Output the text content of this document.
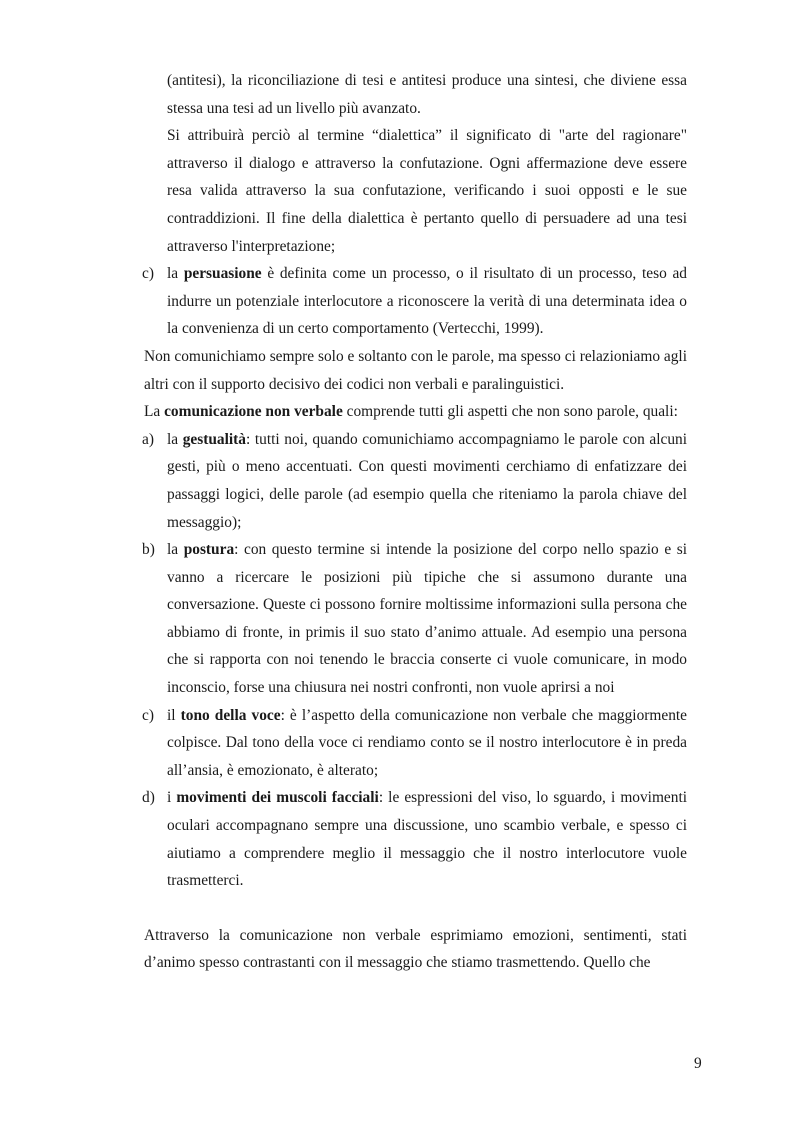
(antitesi), la riconciliazione di tesi e antitesi produce una sintesi, che diviene essa stessa una tesi ad un livello più avanzato.

Si attribuirà perciò al termine “dialettica” il significato di "arte del ragionare" attraverso il dialogo e attraverso la confutazione. Ogni affermazione deve essere resa valida attraverso la sua confutazione, verificando i suoi opposti e le sue contraddizioni. Il fine della dialettica è pertanto quello di persuadere ad una tesi attraverso l'interpretazione;

c) la persuasione è definita come un processo, o il risultato di un processo, teso ad indurre un potenziale interlocutore a riconoscere la verità di una determinata idea o la convenienza di un certo comportamento (Vertecchi, 1999).

Non comunichiamo sempre solo e soltanto con le parole, ma spesso ci relazioniamo agli altri con il supporto decisivo dei codici non verbali e paralinguistici.

La comunicazione non verbale comprende tutti gli aspetti che non sono parole, quali:

a) la gestualità: tutti noi, quando comunichiamo accompagniamo le parole con alcuni gesti, più o meno accentuati. Con questi movimenti cerchiamo di enfatizzare dei passaggi logici, delle parole (ad esempio quella che riteniamo la parola chiave del messaggio);

b) la postura: con questo termine si intende la posizione del corpo nello spazio e si vanno a ricercare le posizioni più tipiche che si assumono durante una conversazione. Queste ci possono fornire moltissime informazioni sulla persona che abbiamo di fronte, in primis il suo stato d’animo attuale. Ad esempio una persona che si rapporta con noi tenendo le braccia conserte ci vuole comunicare, in modo inconscio, forse una chiusura nei nostri confronti, non vuole aprirsi a noi

c) il tono della voce: è l’aspetto della comunicazione non verbale che maggiormente colpisce. Dal tono della voce ci rendiamo conto se il nostro interlocutore è in preda all’ansia, è emozionato, è alterato;

d) i movimenti dei muscoli facciali: le espressioni del viso, lo sguardo, i movimenti oculari accompagnano sempre una discussione, uno scambio verbale, e spesso ci aiutiamo a comprendere meglio il messaggio che il nostro interlocutore vuole trasmetterci.

Attraverso la comunicazione non verbale esprimiamo emozioni, sentimenti, stati d’animo spesso contrastanti con il messaggio che stiamo trasmettendo. Quello che

9
